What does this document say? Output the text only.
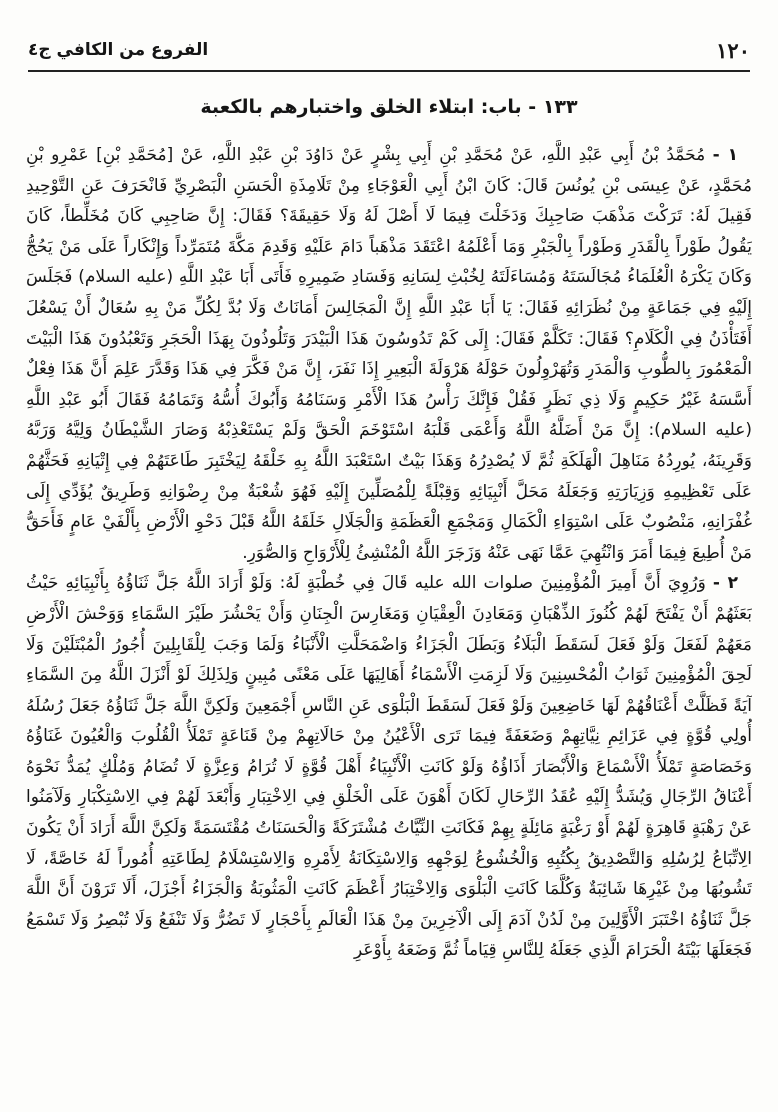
١٢٠
الفروع من الكافي ج٤
١٣٣ - باب: ابتلاء الخلق واختبارهم بالكعبة

١ - مُحَمَّدُ بْنُ أَبِي عَبْدِ اللَّهِ، عَنْ مُحَمَّدِ بْنِ أَبِي بِشْرٍ عَنْ دَاوُدَ بْنِ عَبْدِ اللَّهِ، عَنْ [مُحَمَّدِ بْنِ] عَمْرِو بْنِ مُحَمَّدٍ، عَنْ عِيسَى بْنِ يُونُسَ قَالَ: كَانَ ابْنُ أَبِي الْعَوْجَاءِ مِنْ تَلَامِذَةِ الْحَسَنِ الْبَصْرِيِّ فَانْحَرَفَ عَنِ التَّوْحِيدِ فَقِيلَ لَهُ: تَرَكْتَ مَذْهَبَ صَاحِبِكَ وَدَخَلْتَ فِيمَا لَا أَصْلَ لَهُ وَلَا حَقِيقَةَ؟ فَقَالَ: إِنَّ صَاحِبِي كَانَ مُخَلِّطاً، كَانَ يَقُولُ طَوْراً بِالْقَدَرِ وَطَوْراً بِالْجَبْرِ وَمَا أَعْلَمُهُ اعْتَقَدَ مَذْهَباً دَامَ عَلَيْهِ وَقَدِمَ مَكَّةَ مُتَمَرِّداً وَإِنْكَاراً عَلَى مَنْ يَحُجُّ وَكَانَ يَكْرَهُ الْعُلَمَاءُ مُجَالَسَتَهُ وَمُسَاءَلَتَهُ لِخُبْثِ لِسَانِهِ وَفَسَادِ ضَمِيرِهِ فَأَتَى أَبَا عَبْدِ اللَّهِ (عليه السلام) فَجَلَسَ إِلَيْهِ فِي جَمَاعَةٍ مِنْ نُظَرَائِهِ فَقَالَ: يَا أَبَا عَبْدِ اللَّهِ إِنَّ الْمَجَالِسَ أَمَانَاتٌ وَلَا بُدَّ لِكُلِّ مَنْ بِهِ سُعَالٌ أَنْ يَسْعُلَ أَفَتَأْذَنُ فِي الْكَلَامِ؟ فَقَالَ: تَكَلَّمْ فَقَالَ: إِلَى كَمْ تَدُوسُونَ هَذَا الْبَيْدَرَ وَتَلُوذُونَ بِهَذَا الْحَجَرِ وَتَعْبُدُونَ هَذَا الْبَيْتَ الْمَعْمُورَ بِالطُّوبِ وَالْمَدَرِ وَتُهَرْوِلُونَ حَوْلَهُ هَرْوَلَةَ الْبَعِيرِ إِذَا نَفَرَ، إِنَّ مَنْ فَكَّرَ فِي هَذَا وَقَدَّرَ عَلِمَ أَنَّ هَذَا فِعْلٌ أَسَّسَهُ غَيْرُ حَكِيمٍ وَلَا ذِي نَظَرٍ فَقُلْ فَإِنَّكَ رَأْسُ هَذَا الْأَمْرِ وَسَنَامُهُ وَأَبُوكَ أُسُّهُ وَتَمَامُهُ فَقَالَ أَبُو عَبْدِ اللَّهِ (عليه السلام): إِنَّ مَنْ أَضَلَّهُ اللَّهُ وَأَعْمَى قَلْبَهُ اسْتَوْخَمَ الْحَقَّ وَلَمْ يَسْتَعْذِبْهُ وَصَارَ الشَّيْطَانُ وَلِيَّهُ وَرَبَّهُ وَقَرِينَهُ، يُورِدُهُ مَنَاهِلَ الْهَلَكَةِ ثُمَّ لَا يُصْدِرُهُ وَهَذَا بَيْتٌ اسْتَعْبَدَ اللَّهُ بِهِ خَلْقَهُ لِيَخْتَبِرَ طَاعَتَهُمْ فِي إِتْيَانِهِ فَحَثَّهُمْ عَلَى تَعْظِيمِهِ وَزِيَارَتِهِ وَجَعَلَهُ مَحَلَّ أَنْبِيَائِهِ وَقِبْلَةً لِلْمُصَلِّينَ إِلَيْهِ فَهُوَ شُعْبَةٌ مِنْ رِضْوَانِهِ وَطَرِيقٌ يُؤَدِّي إِلَى غُفْرَانِهِ، مَنْصُوبٌ عَلَى اسْتِوَاءِ الْكَمَالِ وَمَجْمَعِ الْعَظَمَةِ وَالْجَلَالِ خَلَقَهُ اللَّهُ قَبْلَ دَحْوِ الْأَرْضِ بِأَلْفَيْ عَامٍ فَأَحَقُّ مَنْ أُطِيعَ فِيمَا أَمَرَ وَانْتُهِيَ عَمَّا نَهَى عَنْهُ وَزَجَرَ اللَّهُ الْمُنْشِئُ لِلْأَرْوَاحِ وَالصُّوَرِ.

٢ - وَرُوِيَ أَنَّ أَمِيرَ الْمُؤْمِنِينَ صلوات الله عليه قَالَ فِي خُطْبَةٍ لَهُ: وَلَوْ أَرَادَ اللَّهُ جَلَّ ثَنَاؤُهُ بِأَنْبِيَائِهِ حَيْثُ بَعَثَهُمْ أَنْ يَفْتَحَ لَهُمْ كُنُوزَ الذِّهْبَانِ وَمَعَادِنَ الْعِقْيَانِ وَمَغَارِسَ الْجِنَانِ وَأَنْ يَحْشُرَ طَيْرَ السَّمَاءِ وَوَحْشَ الْأَرْضِ مَعَهُمْ لَفَعَلَ وَلَوْ فَعَلَ لَسَقَطَ الْبَلَاءُ وَبَطَلَ الْجَزَاءُ وَاضْمَحَلَّتِ الْأَنْبَاءُ وَلَمَا وَجَبَ لِلْقَابِلِينَ أُجُورُ الْمُبْتَلَيْنَ وَلَا لَحِقَ الْمُؤْمِنِينَ ثَوَابُ الْمُحْسِنِينَ وَلَا لَزِمَتِ الْأَسْمَاءُ أَهَالِيَهَا عَلَى مَعْنًى مُبِينٍ وَلِذَلِكَ لَوْ أَنْزَلَ اللَّهُ مِنَ السَّمَاءِ آيَةً فَظَلَّتْ أَعْنَاقُهُمْ لَهَا خَاضِعِينَ وَلَوْ فَعَلَ لَسَقَطَ الْبَلْوَى عَنِ النَّاسِ أَجْمَعِينَ وَلَكِنَّ اللَّهَ جَلَّ ثَنَاؤُهُ جَعَلَ رُسُلَهُ أُولِي قُوَّةٍ فِي عَزَائِمِ نِيَّاتِهِمْ وَضَعَفَةً فِيمَا تَرَى الْأَعْيُنُ مِنْ حَالَاتِهِمْ مِنْ قَنَاعَةٍ تَمْلَأُ الْقُلُوبَ وَالْعُيُونَ غَنَاؤُهُ وَخَصَاصَةٍ تَمْلَأُ الْأَسْمَاعَ وَالْأَبْصَارَ أَذَاؤُهُ وَلَوْ كَانَتِ الْأَنْبِيَاءُ أَهْلَ قُوَّةٍ لَا تُرَامُ وَعِزَّةٍ لَا تُضَامُ وَمُلْكٍ يُمَدُّ نَحْوَهُ أَعْنَاقُ الرِّجَالِ وَيُشَدُّ إِلَيْهِ عُقَدُ الرِّحَالِ لَكَانَ أَهْوَنَ عَلَى الْخَلْقِ فِي الِاخْتِبَارِ وَأَبْعَدَ لَهُمْ فِي الِاسْتِكْبَارِ وَلَآمَنُوا عَنْ رَهْبَةٍ قَاهِرَةٍ لَهُمْ أَوْ رَغْبَةٍ مَائِلَةٍ بِهِمْ فَكَانَتِ النِّيَّاتُ مُشْتَرَكَةً وَالْحَسَنَاتُ مُقْتَسَمَةً وَلَكِنَّ اللَّهَ أَرَادَ أَنْ يَكُونَ الِاتِّبَاعُ لِرُسُلِهِ وَالتَّصْدِيقُ بِكُتُبِهِ وَالْخُشُوعُ لِوَجْهِهِ وَالِاسْتِكَانَةُ لِأَمْرِهِ وَالِاسْتِسْلَامُ لِطَاعَتِهِ أُمُوراً لَهُ خَاصَّةً، لَا تَشُوبُهَا مِنْ غَيْرِهَا شَائِبَةٌ وَكُلَّمَا كَانَتِ الْبَلْوَى وَالِاخْتِبَارُ أَعْظَمَ كَانَتِ الْمَثُوبَةُ وَالْجَزَاءُ أَجْزَلَ، أَلَا تَرَوْنَ أَنَّ اللَّهَ جَلَّ ثَنَاؤُهُ اخْتَبَرَ الْأَوَّلِينَ مِنْ لَدُنْ آدَمَ إِلَى الْآخِرِينَ مِنْ هَذَا الْعَالَمِ بِأَحْجَارٍ لَا تَضُرُّ وَلَا تَنْفَعُ وَلَا تُبْصِرُ وَلَا تَسْمَعُ فَجَعَلَهَا بَيْتَهُ الْحَرَامَ الَّذِي جَعَلَهُ لِلنَّاسِ قِيَاماً ثُمَّ وَضَعَهُ بِأَوْعَرِ
